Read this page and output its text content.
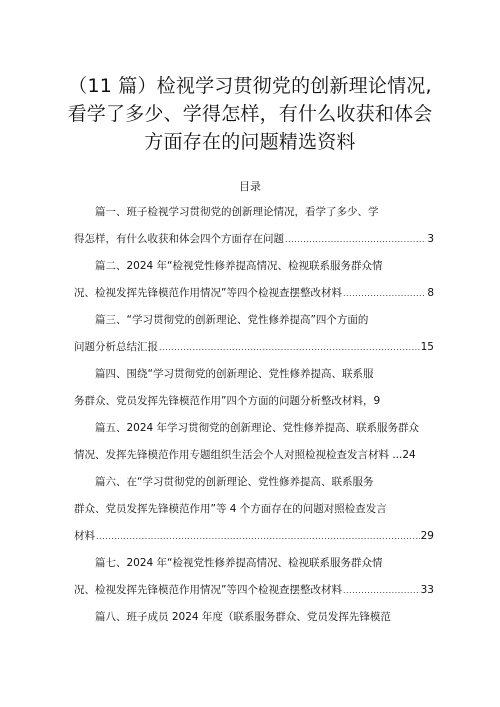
（11 篇）检视学习贯彻党的创新理论情况,
看学了多少、学得怎样，有什么收获和体会
方面存在的问题精选资料
目录
篇一、班子检视学习贯彻党的创新理论情况，看学了多少、学
得怎样，有什么收获和体会四个方面存在问题 .....	3
篇二、2024 年“检视党性修养提高情况、检视联系服务群众情
况、检视发挥先锋模范作用情况”等四个检视查摆整改材料 .....	8
篇三、“学习贯彻党的创新理论、党性修养提高”四个方面的
问题分析总结汇报 .....	15
篇四、围绕“学习贯彻党的创新理论、党性修养提高、联系服
务群众、党员发挥先锋模范作用”四个方面的问题分析整改材料，9
篇五、2024 年学习贯彻党的创新理论、党性修养提高、联系服务群众
情况、发挥先锋模范作用专题组织生活会个人对照检视检查发言材料 ... 24
篇六、在“学习贯彻党的创新理论、党性修养提高、联系服务
群众、党员发挥先锋模范作用”等 4 个方面存在的问题对照检查发言
材料 .....	29
篇七、2024 年“检视党性修养提高情况、检视联系服务群众情
况、检视发挥先锋模范作用情况”等四个检视查摆整改材料 .....	33
篇八、班子成员 2024 年度（联系服务群众、党员发挥先锋模范
